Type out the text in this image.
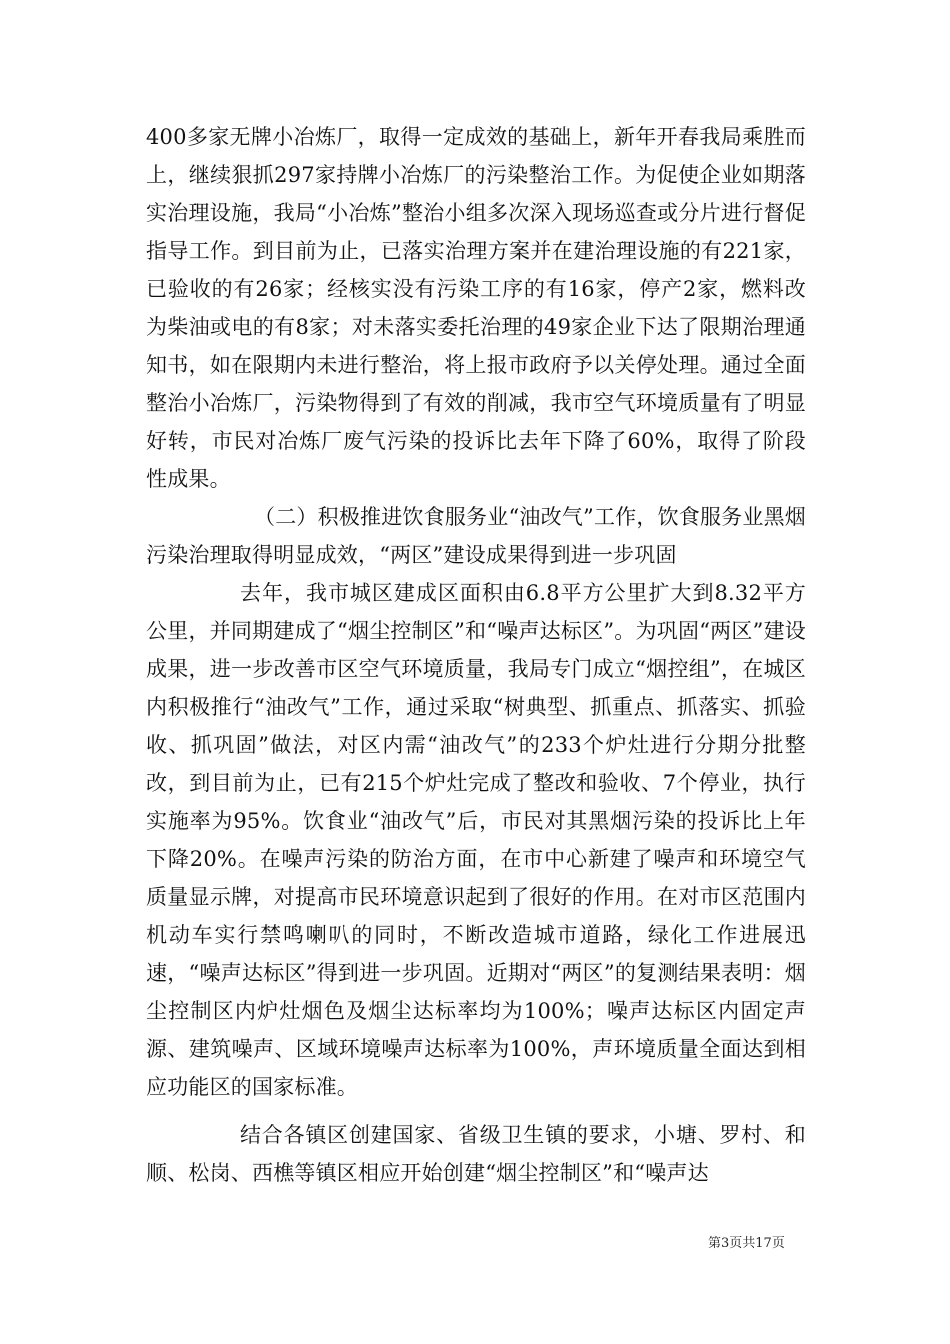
400多家无牌小冶炼厂，取得一定成效的基础上，新年开春我局乘胜而上，继续狠抓297家持牌小冶炼厂的污染整治工作。为促使企业如期落实治理设施，我局“小冶炼”整治小组多次深入现场巡查或分片进行督促指导工作。到目前为止，已落实治理方案并在建治理设施的有221家，已验收的有26家；经核实没有污染工序的有16家，停产2家，燃料改为柴油或电的有8家；对未落实委托治理的49家企业下达了限期治理通知书，如在限期内未进行整治，将上报市政府予以关停处理。通过全面整治小冶炼厂，污染物得到了有效的削减，我市空气环境质量有了明显好转，市民对冶炼厂废气污染的投诉比去年下降了60%，取得了阶段性成果。

（二）积极推进饮食服务业“油改气”工作，饮食服务业黑烟污染治理取得明显成效，“两区”建设成果得到进一步巩固

去年，我市城区建成区面积由6.8平方公里扩大到8.32平方公里，并同期建成了“烟尘控制区”和“噪声达标区”。为巩固“两区”建设成果，进一步改善市区空气环境质量，我局专门成立“烟控组”，在城区内积极推行“油改气”工作，通过采取“树典型、抓重点、抓落实、抓验收、抓巩固”做法，对区内需“油改气”的233个炉灶进行分期分批整改，到目前为止，已有215个炉灶完成了整改和验收、7个停业，执行实施率为95%。饮食业“油改气”后，市民对其黑烟污染的投诉比上年下降20%。在噪声污染的防治方面，在市中心新建了噪声和环境空气质量显示牌，对提高市民环境意识起到了很好的作用。在对市区范围内机动车实行禁鸣喇叭的同时，不断改造城市道路，绿化工作进展迅速，“噪声达标区”得到进一步巩固。近期对“两区”的复测结果表明：烟尘控制区内炉灶烟色及烟尘达标率均为100%；噪声达标区内固定声源、建筑噪声、区域环境噪声达标率为100%，声环境质量全面达到相应功能区的国家标准。

结合各镇区创建国家、省级卫生镇的要求，小塘、罗村、和顺、松岗、西樵等镇区相应开始创建“烟尘控制区”和“噪声达

第3页共17页
